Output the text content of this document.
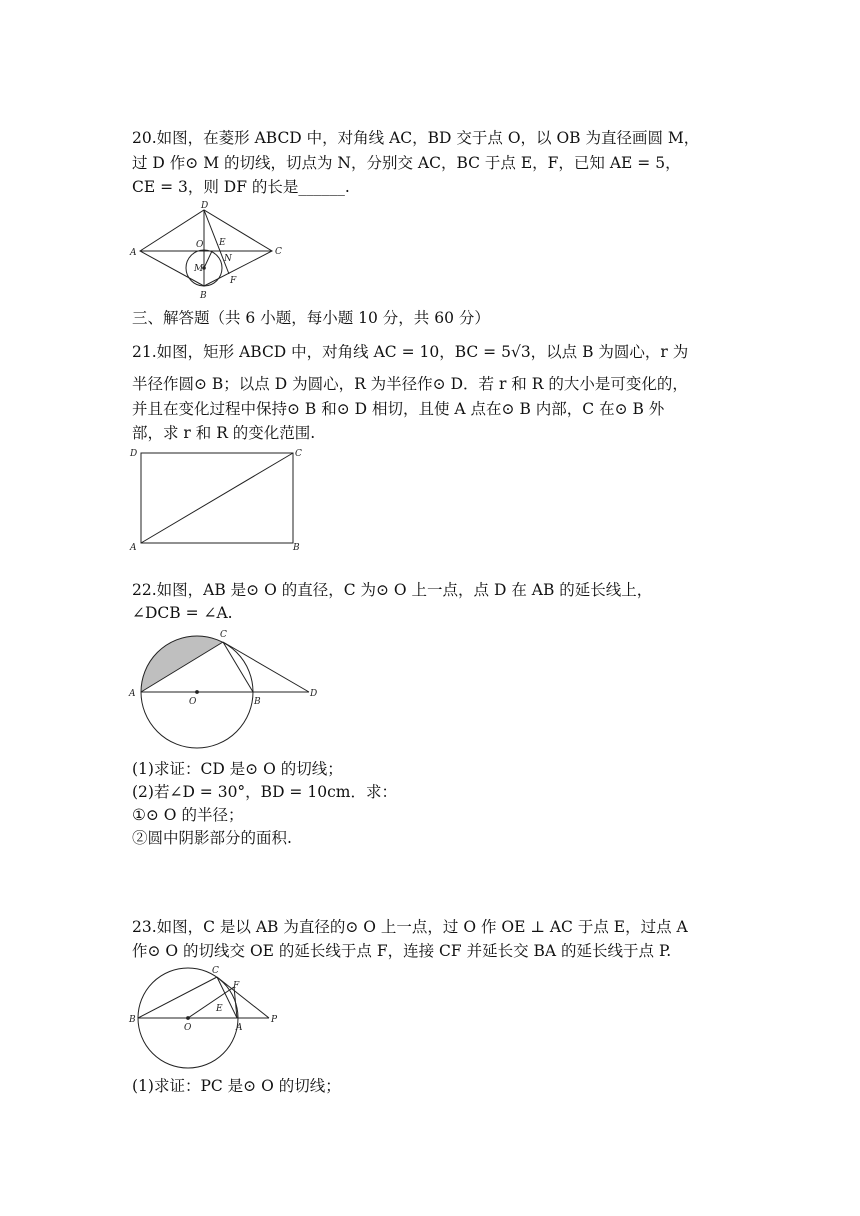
20.如图，在菱形 ABCD 中，对角线 AC，BD 交于点 O，以 OB 为直径画圆 M，
过 D 作⊙ M 的切线，切点为 N，分别交 AC，BC 于点 E，F，已知 AE = 5，
CE = 3，则 DF 的长是______.
D
A
O E
C
M
N
F
B
三、解答题（共 6 小题，每小题 10 分，共 60 分）
21.如图，矩形 ABCD 中，对角线 AC = 10，BC = 5√3，以点 B 为圆心，r 为
半径作圆⊙ B；以点 D 为圆心，R 为半径作⊙ D．若 r 和 R 的大小是可变化的，
并且在变化过程中保持⊙ B 和⊙ D 相切，且使 A 点在⊙ B 内部，C 在⊙ B 外
部，求 r 和 R 的变化范围.
D	C
A	B
22.如图，AB 是⊙ O 的直径，C 为⊙ O 上一点，点 D 在 AB 的延长线上，
∠DCB = ∠A.
C
A
O	B
D
(1)求证：CD 是⊙ O 的切线；
(2)若∠D = 30°，BD = 10cm．求：
①⊙ O 的半径；
②圆中阴影部分的面积.
23.如图，C 是以 AB 为直径的⊙ O 上一点，过 O 作 OE ⊥ AC 于点 E，过点 A
作⊙ O 的切线交 OE 的延长线于点 F，连接 CF 并延长交 BA 的延长线于点 P.
C
F
E
B
O	A
P
(1)求证：PC 是⊙ O 的切线；
